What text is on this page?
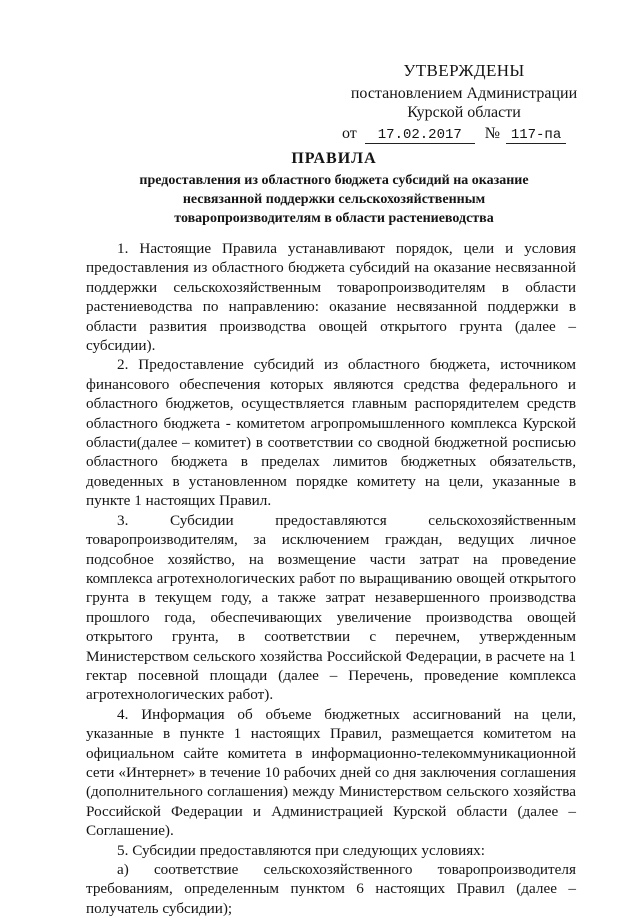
УТВЕРЖДЕНЫ
постановлением Администрации
Курской области
от 17.02.2017 № 117-па
ПРАВИЛА
предоставления из областного бюджета субсидий на оказание
несвязанной поддержки сельскохозяйственным
товаропроизводителям в области растениеводства

1. Настоящие Правила устанавливают порядок, цели и условия предоставления из областного бюджета субсидий на оказание несвязанной поддержки сельскохозяйственным товаропроизводителям в области растениеводства по направлению: оказание несвязанной поддержки в области развития производства овощей открытого грунта (далее – субсидии).

2. Предоставление субсидий из областного бюджета, источником финансового обеспечения которых являются средства федерального и областного бюджетов, осуществляется главным распорядителем средств областного бюджета - комитетом агропромышленного комплекса Курской области(далее – комитет) в соответствии со сводной бюджетной росписью областного бюджета в пределах лимитов бюджетных обязательств, доведенных в установленном порядке комитету на цели, указанные в пункте 1 настоящих Правил.

3. Субсидии предоставляются сельскохозяйственным товаропроизводителям, за исключением граждан, ведущих личное подсобное хозяйство, на возмещение части затрат на проведение комплекса агротехнологических работ по выращиванию овощей открытого грунта в текущем году, а также затрат незавершенного производства прошлого года, обеспечивающих увеличение производства овощей открытого грунта, в соответствии с перечнем, утвержденным Министерством сельского хозяйства Российской Федерации, в расчете на 1 гектар посевной площади (далее – Перечень, проведение комплекса агротехнологических работ).

4. Информация об объеме бюджетных ассигнований на цели, указанные в пункте 1 настоящих Правил, размещается комитетом на официальном сайте комитета в информационно-телекоммуникационной сети «Интернет» в течение 10 рабочих дней со дня заключения соглашения (дополнительного соглашения) между Министерством сельского хозяйства Российской Федерации и Администрацией Курской области (далее – Соглашение).

5. Субсидии предоставляются при следующих условиях:

а) соответствие сельскохозяйственного товаропроизводителя требованиям, определенным пунктом 6 настоящих Правил (далее – получатель субсидии);
